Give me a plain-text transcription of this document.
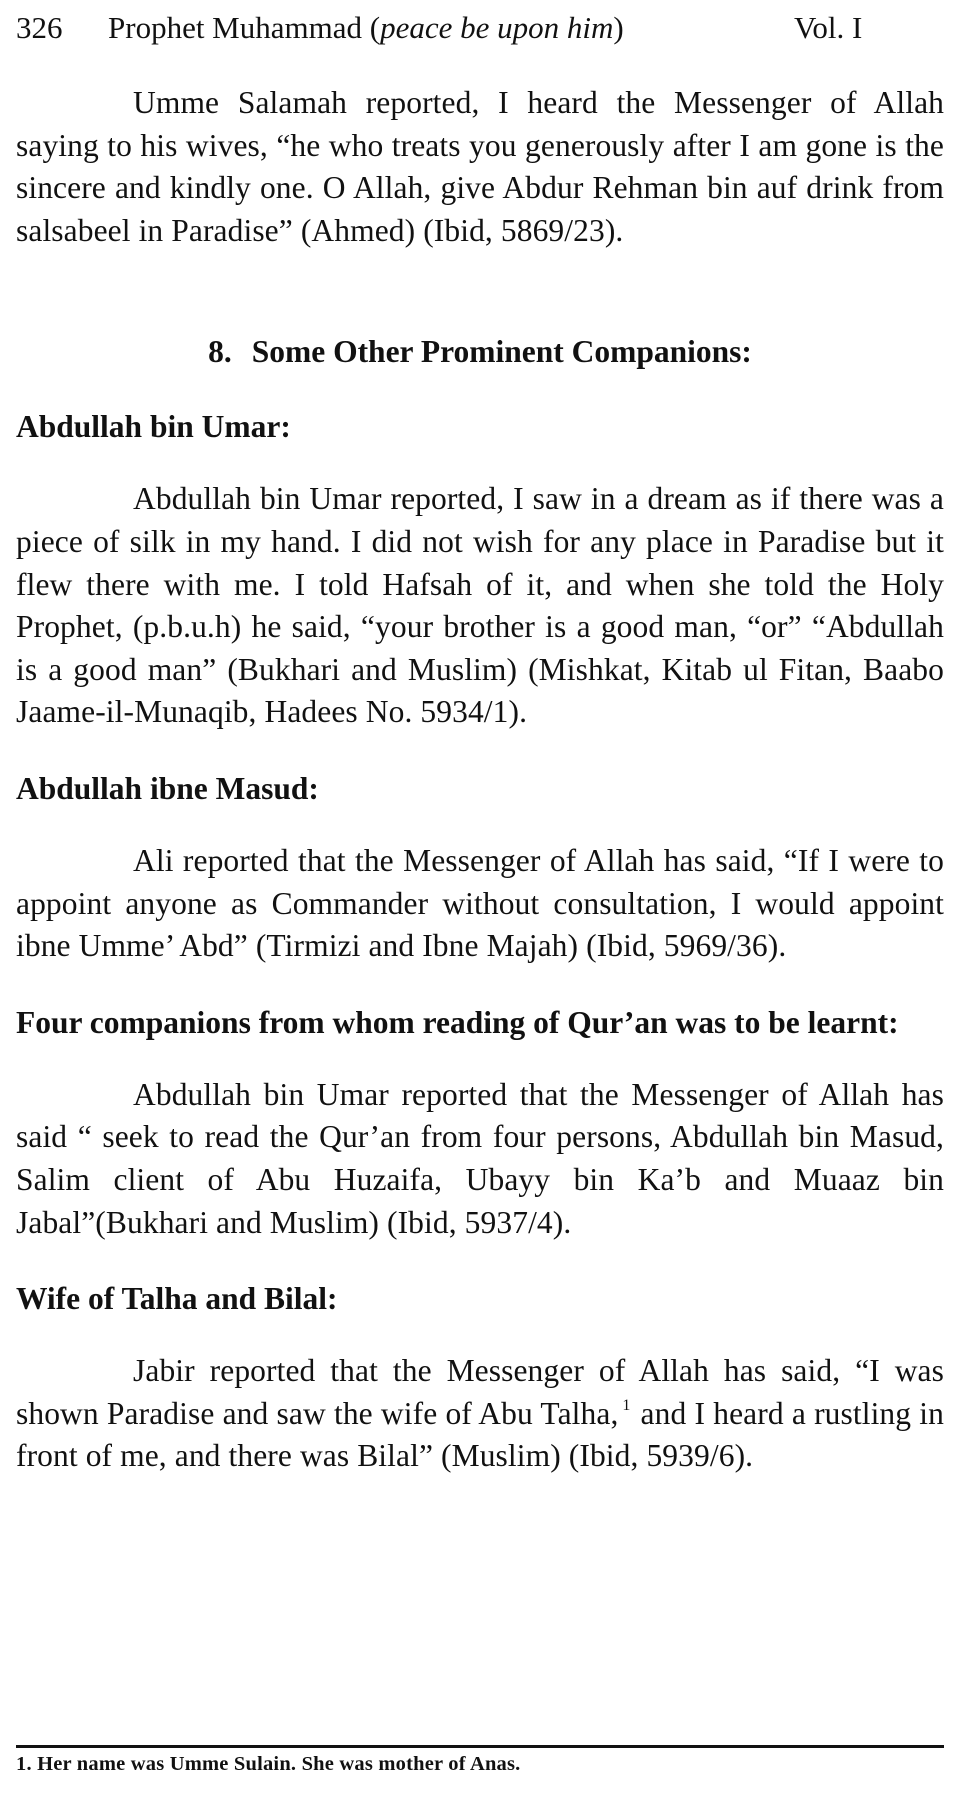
326 Prophet Muhammad (peace be upon him)	Vol. I

Umme Salamah reported, I heard the Messenger of Allah saying to his wives, “he who treats you generously after I am gone is the sincere and kindly one. O Allah, give Abdur Rehman bin auf drink from salsabeel in Paradise” (Ahmed) (Ibid, 5869/23).

8. Some Other Prominent Companions:
Abdullah bin Umar:

Abdullah bin Umar reported, I saw in a dream as if there was a piece of silk in my hand. I did not wish for any place in Paradise but it flew there with me. I told Hafsah of it, and when she told the Holy Prophet, (p.b.u.h) he said, “your brother is a good man, “or” “Abdullah is a good man” (Bukhari and Muslim) (Mishkat, Kitab ul Fitan, Baabo Jaame-il-Munaqib, Hadees No. 5934/1).

Abdullah ibne Masud:

Ali reported that the Messenger of Allah has said, “If I were to appoint anyone as Commander without consultation, I would appoint ibne Umme’ Abd” (Tirmizi and Ibne Majah) (Ibid, 5969/36).

Four companions from whom reading of Qur’an was to be learnt:

Abdullah bin Umar reported that the Messenger of Allah has said “ seek to read the Qur’an from four persons, Abdullah bin Masud, Salim client of Abu Huzaifa, Ubayy bin Ka’b and Muaaz bin Jabal”(Bukhari and Muslim) (Ibid, 5937/4).

Wife of Talha and Bilal:

Jabir reported that the Messenger of Allah has said, “I was shown Paradise and saw the wife of Abu Talha, $^1$ and I heard a rustling in front of me, and there was Bilal” (Muslim) (Ibid, 5939/6).

1. Her name was Umme Sulain. She was mother of Anas.
